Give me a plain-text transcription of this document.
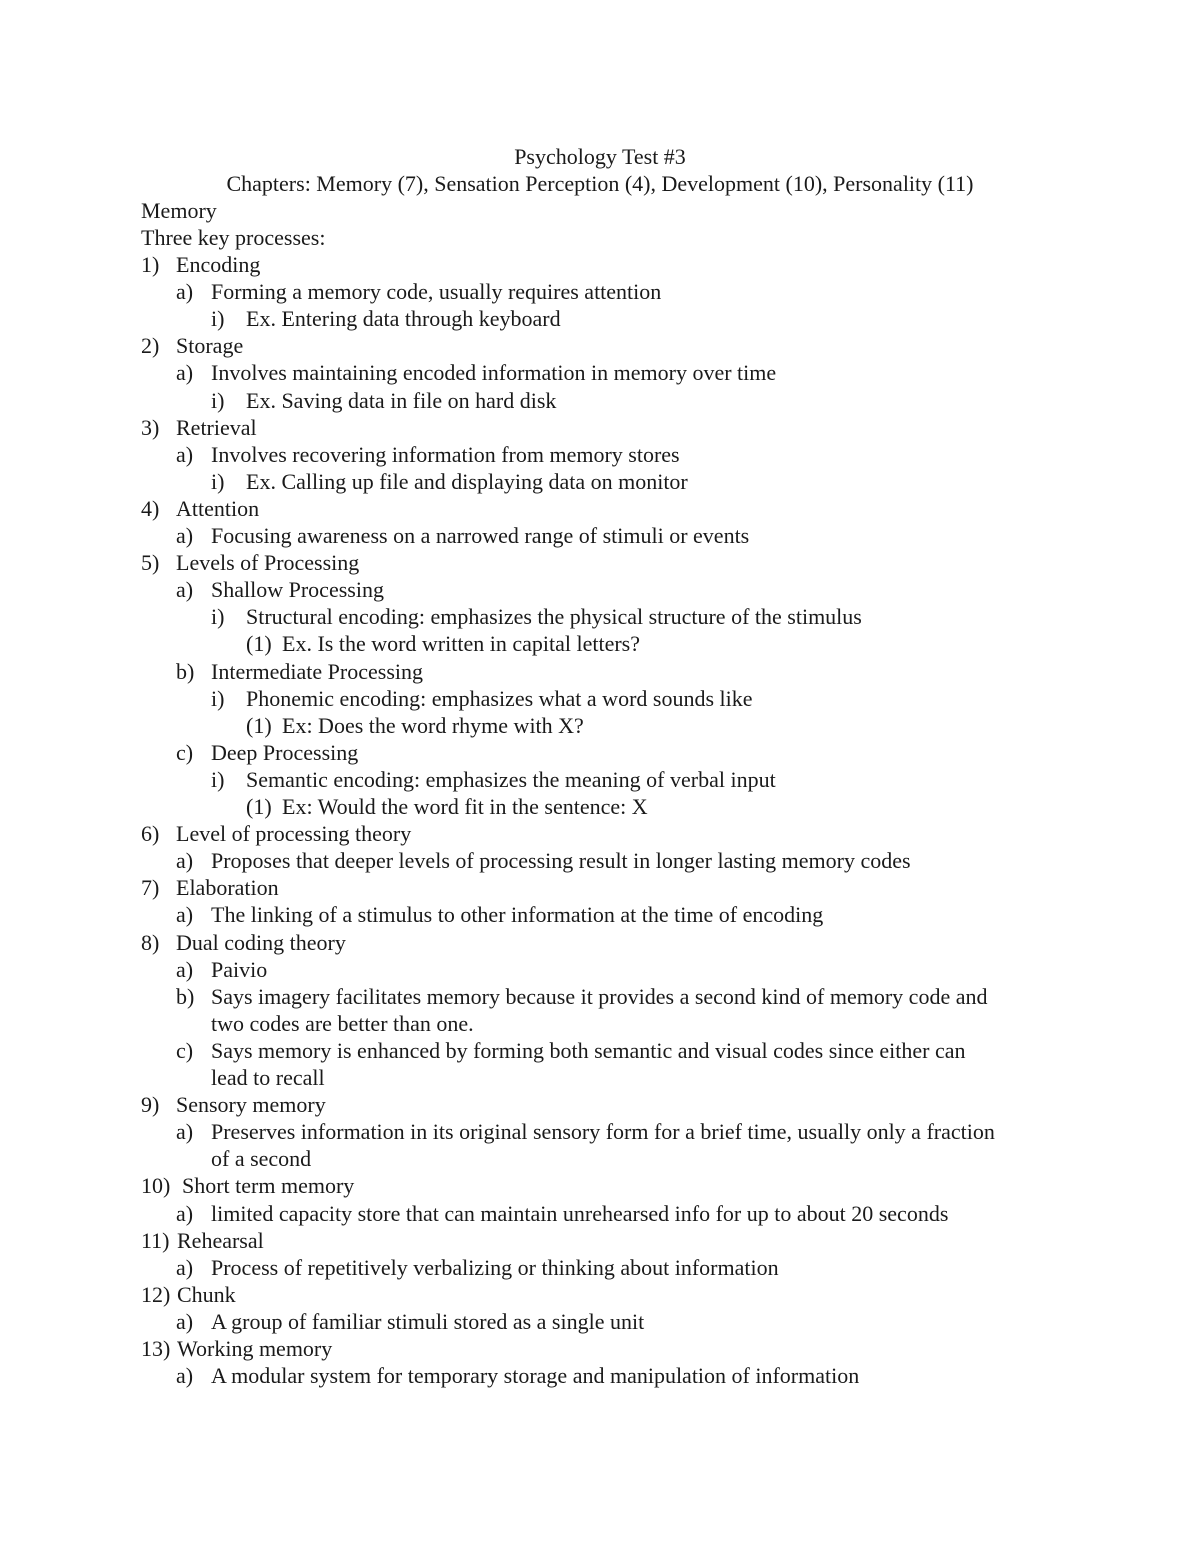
Psychology Test #3
Chapters: Memory (7), Sensation Perception (4), Development (10), Personality (11)
Memory
Three key processes:
1) Encoding
a) Forming a memory code, usually requires attention
i) Ex. Entering data through keyboard
2) Storage
a) Involves maintaining encoded information in memory over time
i) Ex. Saving data in file on hard disk
3) Retrieval
a) Involves recovering information from memory stores
i) Ex. Calling up file and displaying data on monitor
4) Attention
a) Focusing awareness on a narrowed range of stimuli or events
5) Levels of Processing
a) Shallow Processing
i) Structural encoding: emphasizes the physical structure of the stimulus
(1) Ex. Is the word written in capital letters?
b) Intermediate Processing
i) Phonemic encoding: emphasizes what a word sounds like
(1) Ex: Does the word rhyme with X?
c) Deep Processing
i) Semantic encoding: emphasizes the meaning of verbal input
(1) Ex: Would the word fit in the sentence: X
6) Level of processing theory
a) Proposes that deeper levels of processing result in longer lasting memory codes
7) Elaboration
a) The linking of a stimulus to other information at the time of encoding
8) Dual coding theory
a) Paivio
b) Says imagery facilitates memory because it provides a second kind of memory code and
two codes are better than one.
c) Says memory is enhanced by forming both semantic and visual codes since either can
lead to recall
9) Sensory memory
a) Preserves information in its original sensory form for a brief time, usually only a fraction
of a second
10) Short term memory
a) limited capacity store that can maintain unrehearsed info for up to about 20 seconds
11) Rehearsal
a) Process of repetitively verbalizing or thinking about information
12) Chunk
a) A group of familiar stimuli stored as a single unit
13) Working memory
a) A modular system for temporary storage and manipulation of information
